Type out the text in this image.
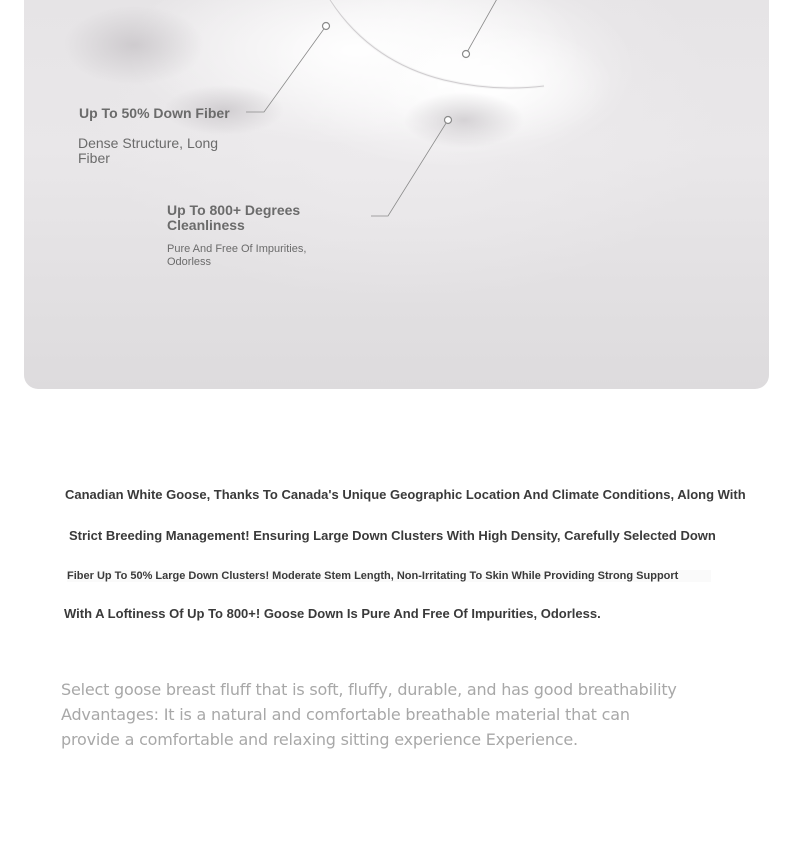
Up To 50% Down Fiber
Dense Structure, Long Fiber
Up To 800+ Degrees Cleanliness
Pure And Free Of Impurities, Odorless
Canadian White Goose, Thanks To Canada's Unique Geographic Location And Climate Conditions, Along With
Strict Breeding Management! Ensuring Large Down Clusters With High Density, Carefully Selected Down
Fiber Up To 50% Large Down Clusters! Moderate Stem Length, Non-Irritating To Skin While Providing Strong Support
With A Loftiness Of Up To 800+! Goose Down Is Pure And Free Of Impurities, Odorless.
Select goose breast fluff that is soft, fluffy, durable, and has good breathability
Advantages: It is a natural and comfortable breathable material that can
provide a comfortable and relaxing sitting experience Experience.
